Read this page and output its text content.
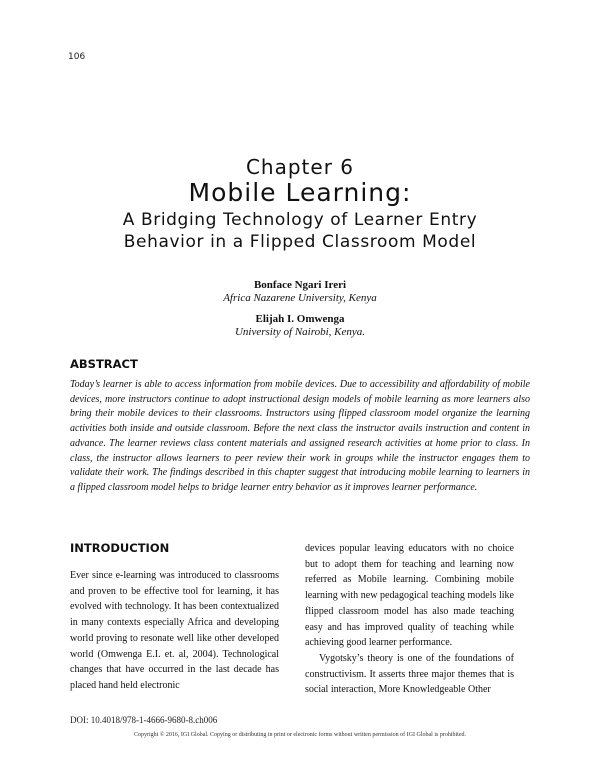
106
Chapter 6
Mobile Learning:
A Bridging Technology of Learner Entry
Behavior in a Flipped Classroom Model
Bonface Ngari Ireri
Africa Nazarene University, Kenya
Elijah I. Omwenga
University of Nairobi, Kenya.
ABSTRACT
Today’s learner is able to access information from mobile devices. Due to accessibility and affordability of mobile devices, more instructors continue to adopt instructional design models of mobile learning as more learners also bring their mobile devices to their classrooms. Instructors using flipped classroom model organize the learning activities both inside and outside classroom. Before the next class the instructor avails instruction and content in advance. The learner reviews class content materials and assigned research activities at home prior to class. In class, the instructor allows learners to peer review their work in groups while the instructor engages them to validate their work. The findings described in this chapter suggest that introducing mobile learning to learners in a flipped classroom model helps to bridge learner entry behavior as it improves learner performance.
INTRODUCTION
Ever since e-learning was introduced to classrooms and proven to be effective tool for learning, it has evolved with technology. It has been contextualized in many contexts especially Africa and developing world proving to resonate well like other developed world (Omwenga E.I. et. al, 2004). Technological changes that have occurred in the last decade has placed hand held electronic

devices popular leaving educators with no choice but to adopt them for teaching and learning now referred as Mobile learning. Combining mobile learning with new pedagogical teaching models like flipped classroom model has also made teaching easy and has improved quality of teaching while achieving good learner performance.

Vygotsky’s theory is one of the foundations of constructivism. It asserts three major themes that is social interaction, More Knowledgeable Other

DOI: 10.4018/978-1-4666-9680-8.ch006
Copyright © 2016, IGI Global. Copying or distributing in print or electronic forms without written permission of IGI Global is prohibited.
